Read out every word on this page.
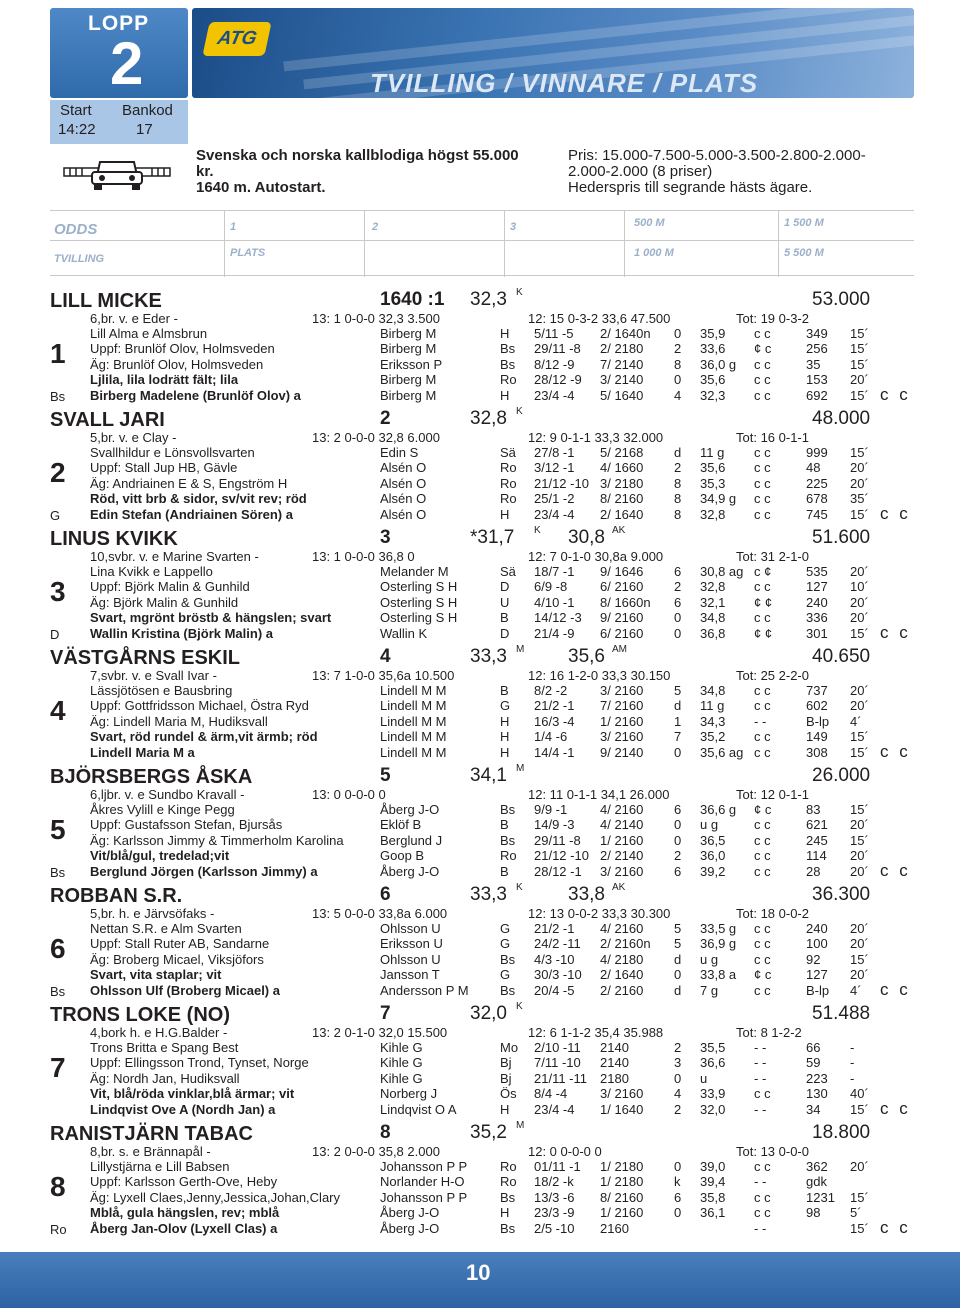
LOPP
2	ATG
TVILLING / VINNARE / PLATS
Start Bankod
14:22	17
Svenska och norska kallblodiga högst 55.000
kr.
1640 m. Autostart.
Pris: 15.000-7.500-5.000-3.500-2.800-2.000-
2.000-2.000 (8 priser)
Hederspris till segrande hästs ägare.
ODDS	1	2	3	500 M	1 500 M
TVILLING	PLATS	1 000 M	5 500 M
LILL MICKE	1640 :1 32,3 K	53.000
6,br. v. e Eder -	13: 1 0-0-0 32,3 3.500	12: 15 0-3-2 33,6 47.500	Tot: 19 0-3-2
1
Bs
Lill Alma e Almsbrun	Birberg M	H 5/11 -5 2/ 1640n 0 35,9 c c	349 15´
Uppf: Brunlöf Olov, Holmsveden	Birberg M	Bs 29/11 -8 2/ 2180 2 33,6 ¢ c	256 15´
Äg: Brunlöf Olov, Holmsveden	Eriksson P	Bs 8/12 -9 7/ 2140 8 36,0 g c c	35 15´
Ljlila, lila lodrätt fält; lila	Birberg M	Ro 28/12 -9 3/ 2140 0 35,6 c c	153 20´
Birberg Madelene (Brunlöf Olov) a	Birberg M	H 23/4 -4 5/ 1640 4 32,3 c c	692 15´ c c
SVALL JARI	2	32,8 K	48.000
5,br. v. e Clay -	13: 2 0-0-0 32,8 6.000	12: 9 0-1-1 33,3 32.000	Tot: 16 0-1-1
2
G
Svallhildur e Lönsvollsvarten	Edin S	Sä 27/8 -1 5/ 2168 d 11 g c c	999 15´
Uppf: Stall Jup HB, Gävle	Alsén O	Ro 3/12 -1 4/ 1660 2 35,6 c c	48 20´
Äg: Andriainen E & S, Engström H	Alsén O	Ro 21/12 -10 3/ 2180 8 35,3 c c	225 20´
Röd, vitt brb & sidor, sv/vit rev; röd	Alsén O	Ro 25/1 -2 8/ 2160 8 34,9 g c c	678 35´
Edin Stefan (Andriainen Sören) a	Alsén O	H 23/4 -4 2/ 1640 8 32,8 c c	745 15´ c c
LINUS KVIKK	3	*31,7 K 30,8 AK	51.600
10,svbr. v. e Marine Svarten -	13: 1 0-0-0 36,8 0	12: 7 0-1-0 30,8a 9.000	Tot: 31 2-1-0
3
D
Lina Kvikk e Lappello	Melander M	Sä 18/7 -1 9/ 1646 6 30,8 ag c ¢	535 20´
Uppf: Björk Malin & Gunhild	Osterling S H	D 6/9 -8	6/ 2160 2 32,8 c c	127 10´
Äg: Björk Malin & Gunhild	Osterling S H	U 4/10 -1 8/ 1660n 6 32,1 ¢ ¢	240 20´
Svart, mgrönt bröstb & hängslen; svart	Osterling S H	B 14/12 -3 9/ 2160 0 34,8 c c	336 20´
Wallin Kristina (Björk Malin) a	Wallin K	D 21/4 -9 6/ 2160 0 36,8 ¢ ¢	301 15´ c c
VÄSTGÅRNS ESKIL	4	33,3 M 35,6 AM	40.650
7,svbr. v. e Svall Ivar -	13: 7 1-0-0 35,6a 10.500	12: 16 1-2-0 33,3 30.150	Tot: 25 2-2-0
4
Lässjötösen e Bausbring	Lindell M M	B 8/2 -2	3/ 2160 5 34,8 c c	737 20´
Uppf: Gottfridsson Michael, Östra Ryd	Lindell M M	G 21/2 -1 7/ 2160 d 11 g c c	602 20´
Äg: Lindell Maria M, Hudiksvall	Lindell M M	H 16/3 -4 1/ 2160 1 34,3 - -	B-lp 4´
Svart, röd rundel & ärm,vit ärmb; röd	Lindell M M	H 1/4 -6	3/ 2160 7 35,2 c c	149 15´
Lindell Maria M a	Lindell M M	H 14/4 -1 9/ 2140 0 35,6 ag c c	308 15´ c c
BJÖRSBERGS ÅSKA	5	34,1 M	26.000
6,ljbr. v. e Sundbo Kravall -	13: 0 0-0-0 0	12: 11 0-1-1 34,1 26.000	Tot: 12 0-1-1
5
Bs
Åkres Vylill e Kinge Pegg	Åberg J-O	Bs 9/9 -1	4/ 2160 6 36,6 g ¢ c	83 15´
Uppf: Gustafsson Stefan, Bjursås	Eklöf B	B 14/9 -3 4/ 2140 0 u g	c c	621 20´
Äg: Karlsson Jimmy & Timmerholm Karolina	Berglund J	Bs 29/11 -8 1/ 2160 0 36,5 c c	245 15´
Vit/blå/gul, tredelad;vit	Goop B	Ro 21/12 -10 2/ 2140 2 36,0 c c	114 20´
Berglund Jörgen (Karlsson Jimmy) a	Åberg J-O	B 28/12 -1 3/ 2160 6 39,2 c c	28 20´ c c
ROBBAN S.R.	6	33,3 K 33,8 AK	36.300
5,br. h. e Järvsöfaks -	13: 5 0-0-0 33,8a 6.000	12: 13 0-0-2 33,3 30.300	Tot: 18 0-0-2
6
Bs
Nettan S.R. e Alm Svarten	Ohlsson U	G 21/2 -1 4/ 2160 5 33,5 g c c	240 20´
Uppf: Stall Ruter AB, Sandarne	Eriksson U	G 24/2 -11 2/ 2160n 5 36,9 g c c	100 20´
Äg: Broberg Micael, Viksjöfors	Ohlsson U	Bs 4/3 -10 4/ 2180 d u g	c c	92 15´
Svart, vita staplar; vit	Jansson T	G 30/3 -10 2/ 1640 0 33,8 a ¢ c	127 20´
Ohlsson Ulf (Broberg Micael) a	Andersson P M Bs 20/4 -5 2/ 2160 d 7 g	c c	B-lp 4´ c c
TRONS LOKE (NO)	7	32,0 K	51.488
4,bork h. e H.G.Balder -	13: 2 0-1-0 32,0 15.500	12: 6 1-1-2 35,4 35.988	Tot: 8 1-2-2
7
Trons Britta e Spang Best	Kihle G	Mo 2/10 -11 2140	2 35,5 - -	66 -
Uppf: Ellingsson Trond, Tynset, Norge	Kihle G	Bj 7/11 -10 2140	3 36,6 - -	59 -
Äg: Nordh Jan, Hudiksvall	Kihle G	Bj 21/11 -11 2180	0 u	- -	223 -
Vit, blå/röda vinklar,blå ärmar; vit	Norberg J	Ös 8/4 -4	3/ 2160 4 33,9 c c	130 40´
Lindqvist Ove A (Nordh Jan) a	Lindqvist O A	H 23/4 -4 1/ 1640 2 32,0 - -	34 15´ c c
RANISTJÄRN TABAC	8	35,2 M	18.800
8,br. s. e Brännapål -	13: 2 0-0-0 35,8 2.000	12: 0 0-0-0 0	Tot: 13 0-0-0
8
Ro
Lillystjärna e Lill Babsen	Johansson P P	Ro 01/11 -1 1/ 2180 0 39,0 c c	362 20´
Uppf: Karlsson Gerth-Ove, Heby	Norlander H-O	Ro 18/2 -k 1/ 2180 k 39,4 - -	gdk
Äg: Lyxell Claes,Jenny,Jessica,Johan,Clary	Johansson P P	Bs 13/3 -6 8/ 2160 6 35,8 c c	1231 15´
Mblå, gula hängslen, rev; mblå	Åberg J-O	H 23/3 -9 1/ 2160 0 36,1 c c	98 5´
Åberg Jan-Olov (Lyxell Clas) a	Åberg J-O	Bs 2/5 -10 2160	- -	15´ c c
10
